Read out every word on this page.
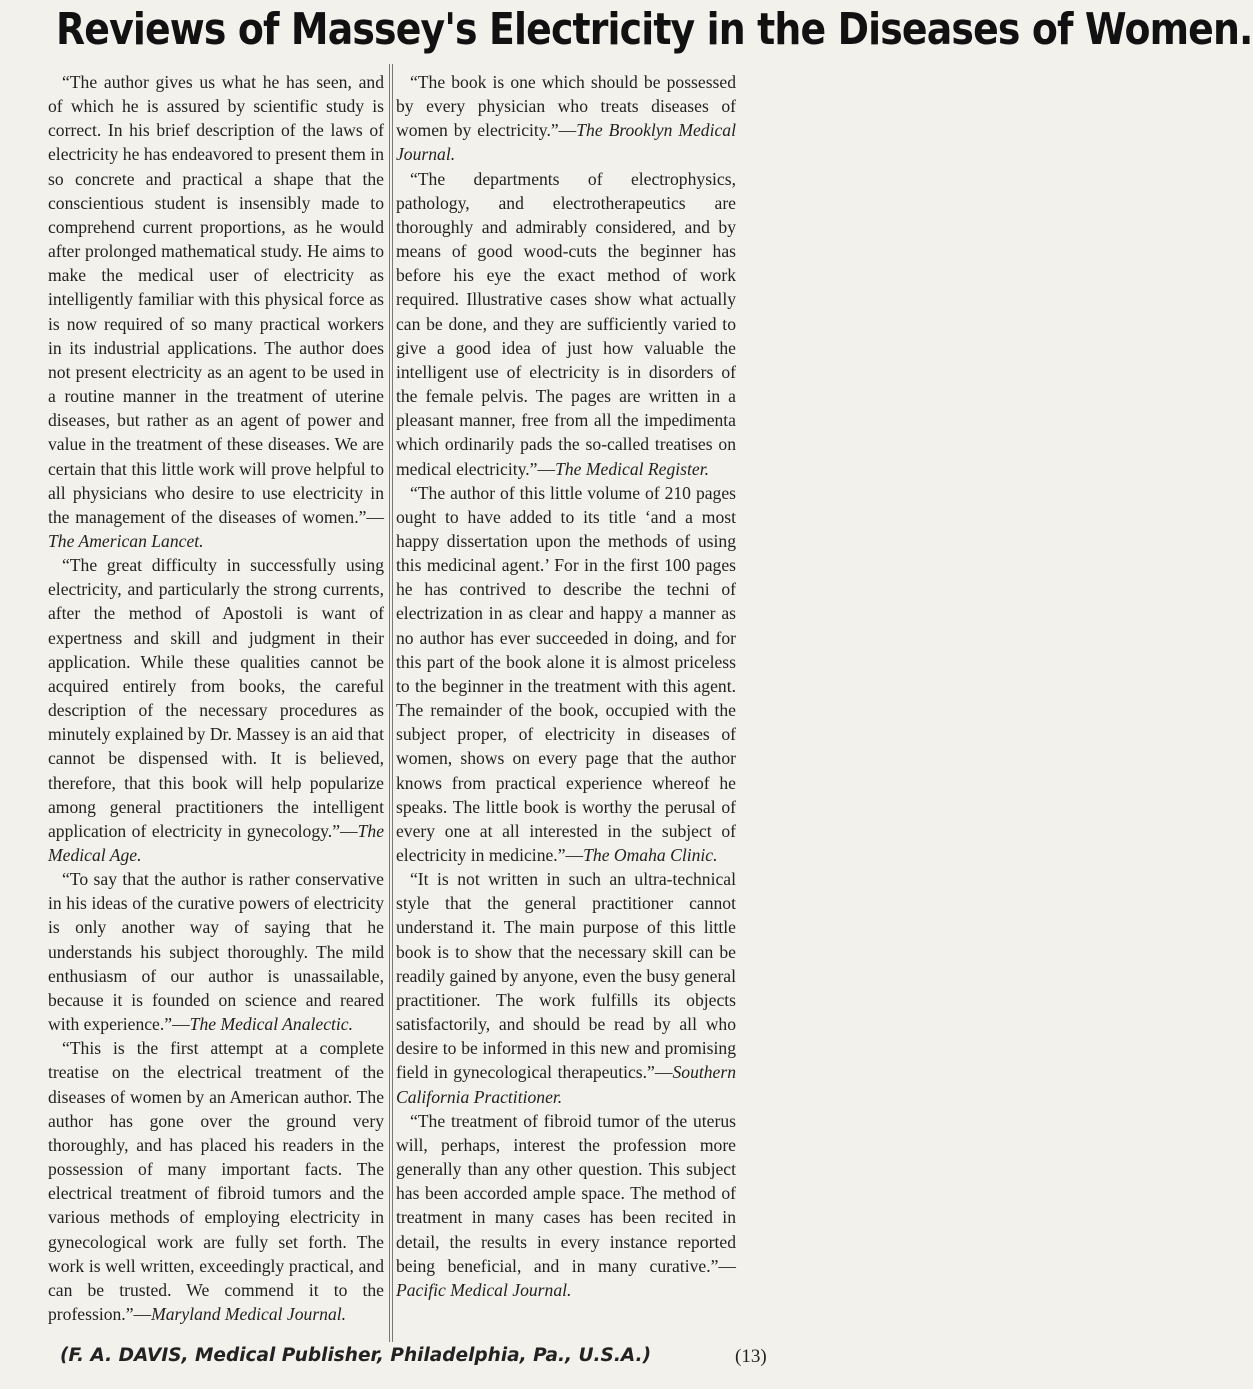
Reviews of Massey's Electricity in the Diseases of Women.

“The author gives us what he has seen, and of which he is assured by scientific study is correct. In his brief description of the laws of electricity he has endeavored to present them in so concrete and practical a shape that the conscientious student is insensibly made to comprehend current proportions, as he would after prolonged mathematical study. He aims to make the medical user of electricity as intelligently familiar with this physical force as is now required of so many practical workers in its industrial applications. The author does not present electricity as an agent to be used in a routine manner in the treatment of uterine diseases, but rather as an agent of power and value in the treatment of these diseases. We are certain that this little work will prove helpful to all physicians who desire to use electricity in the management of the diseases of women.”—The American Lancet.

“The great difficulty in successfully using electricity, and particularly the strong currents, after the method of Apostoli is want of expertness and skill and judgment in their application. While these qualities cannot be acquired entirely from books, the careful description of the necessary procedures as minutely explained by Dr. Massey is an aid that cannot be dispensed with. It is believed, therefore, that this book will help popularize among general practitioners the intelligent application of electricity in gynecology.”—The Medical Age.

“To say that the author is rather conservative in his ideas of the curative powers of electricity is only another way of saying that he understands his subject thoroughly. The mild enthusiasm of our author is unassailable, because it is founded on science and reared with experience.”—The Medical Analectic.

“This is the first attempt at a complete treatise on the electrical treatment of the diseases of women by an American author. The author has gone over the ground very thoroughly, and has placed his readers in the possession of many important facts. The electrical treatment of fibroid tumors and the various methods of employing electricity in gynecological work are fully set forth. The work is well written, exceedingly practical, and can be trusted. We commend it to the profession.”—Maryland Medical Journal.

“The book is one which should be possessed by every physician who treats diseases of women by electricity.”—The Brooklyn Medical Journal.

“The departments of electrophysics, pathology, and electrotherapeutics are thoroughly and admirably considered, and by means of good wood-cuts the beginner has before his eye the exact method of work required. Illustrative cases show what actually can be done, and they are sufficiently varied to give a good idea of just how valuable the intelligent use of electricity is in disorders of the female pelvis. The pages are written in a pleasant manner, free from all the impedimenta which ordinarily pads the so-called treatises on medical electricity.”—The Medical Register.

“The author of this little volume of 210 pages ought to have added to its title ‘and a most happy dissertation upon the methods of using this medicinal agent.’ For in the first 100 pages he has contrived to describe the techni of electrization in as clear and happy a manner as no author has ever succeeded in doing, and for this part of the book alone it is almost priceless to the beginner in the treatment with this agent. The remainder of the book, occupied with the subject proper, of electricity in diseases of women, shows on every page that the author knows from practical experience whereof he speaks. The little book is worthy the perusal of every one at all interested in the subject of electricity in medicine.”—The Omaha Clinic.

“It is not written in such an ultra-technical style that the general practitioner cannot understand it. The main purpose of this little book is to show that the necessary skill can be readily gained by anyone, even the busy general practitioner. The work fulfills its objects satisfactorily, and should be read by all who desire to be informed in this new and promising field in gynecological therapeutics.”—Southern California Practitioner.

“The treatment of fibroid tumor of the uterus will, perhaps, interest the profession more generally than any other question. This subject has been accorded ample space. The method of treatment in many cases has been recited in detail, the results in every instance reported being beneficial, and in many curative.”—Pacific Medical Journal.

(F. A. DAVIS, Medical Publisher, Philadelphia, Pa., U.S.A.)	(13)
